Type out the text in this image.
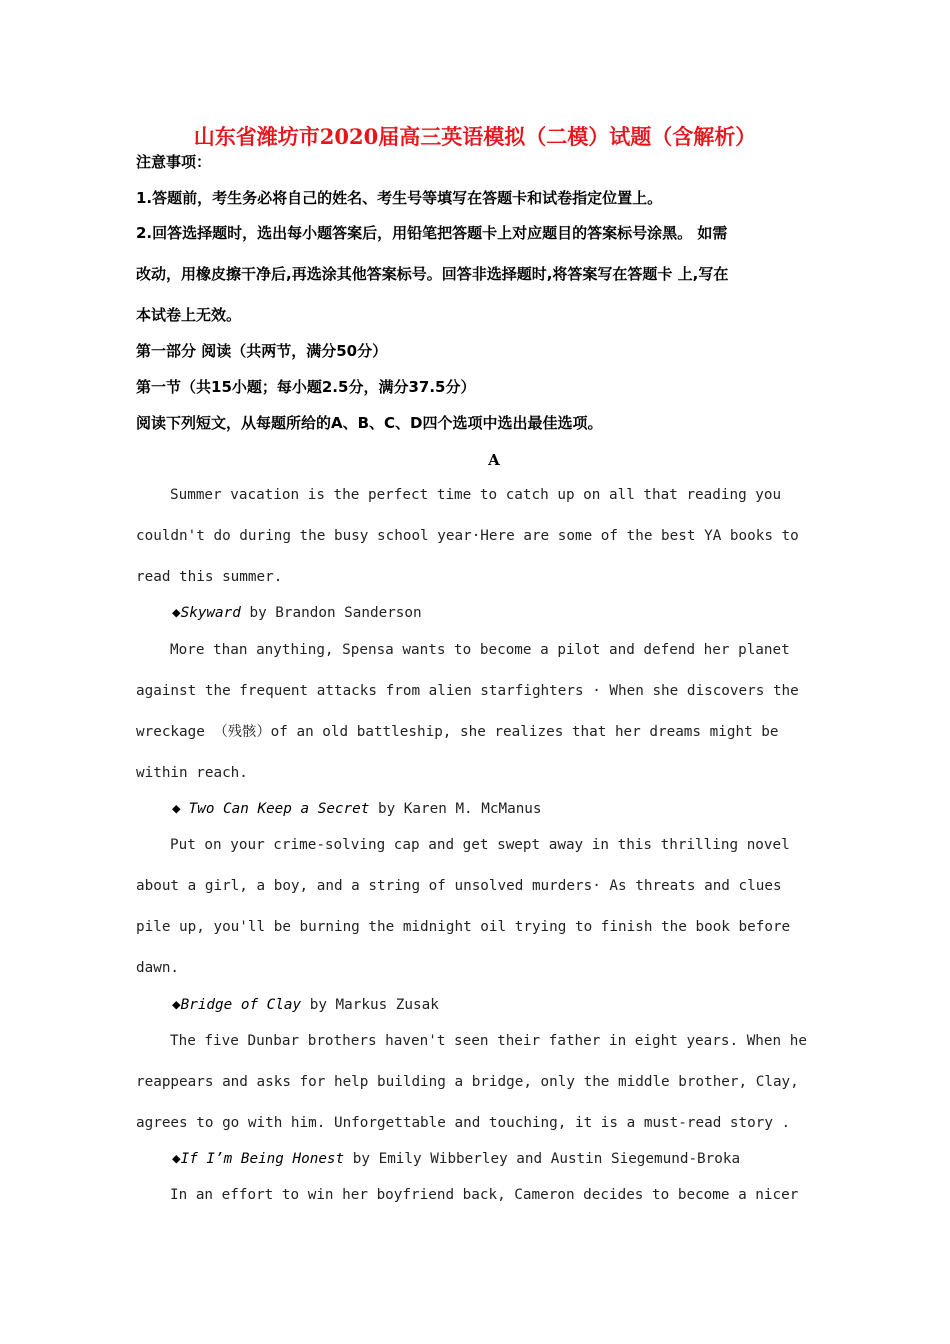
山东省潍坊市2020届高三英语模拟（二模）试题（含解析）
注意事项：
1.答题前，考生务必将自己的姓名、考生号等填写在答题卡和试卷指定位置上。
2.回答选择题时，选出每小题答案后，用铅笔把答题卡上对应题目的答案标号涂黑。 如需
改动，用橡皮擦干净后,再选涂其他答案标号。回答非选择题时,将答案写在答题卡 上,写在
本试卷上无效。
第一部分 阅读（共两节，满分50分）
第一节（共15小题；每小题2.5分，满分37.5分）
阅读下列短文，从每题所给的A、B、C、D四个选项中选出最佳选项。
A
Summer vacation is the perfect time to catch up on all that reading you
couldn't do during the busy school year·Here are some of the best YA books to
read this summer.
◆Skyward by Brandon Sanderson
More than anything, Spensa wants to become a pilot and defend her planet
against the frequent attacks from alien starfighters · When she discovers the
wreckage （残骸）of an old battleship, she realizes that her dreams might be
within reach.
◆ Two Can Keep a Secret by Karen M. McManus
Put on your crime-solving cap and get swept away in this thrilling novel
about a girl, a boy, and a string of unsolved murders· As threats and clues
pile up, you'll be burning the midnight oil trying to finish the book before
dawn.
◆Bridge of Clay by Markus Zusak
The five Dunbar brothers haven't seen their father in eight years. When he
reappears and asks for help building a bridge, only the middle brother, Clay,
agrees to go with him. Unforgettable and touching, it is a must-read story .
◆If I’m Being Honest by Emily Wibberley and Austin Siegemund-Broka
In an effort to win her boyfriend back, Cameron decides to become a nicer
